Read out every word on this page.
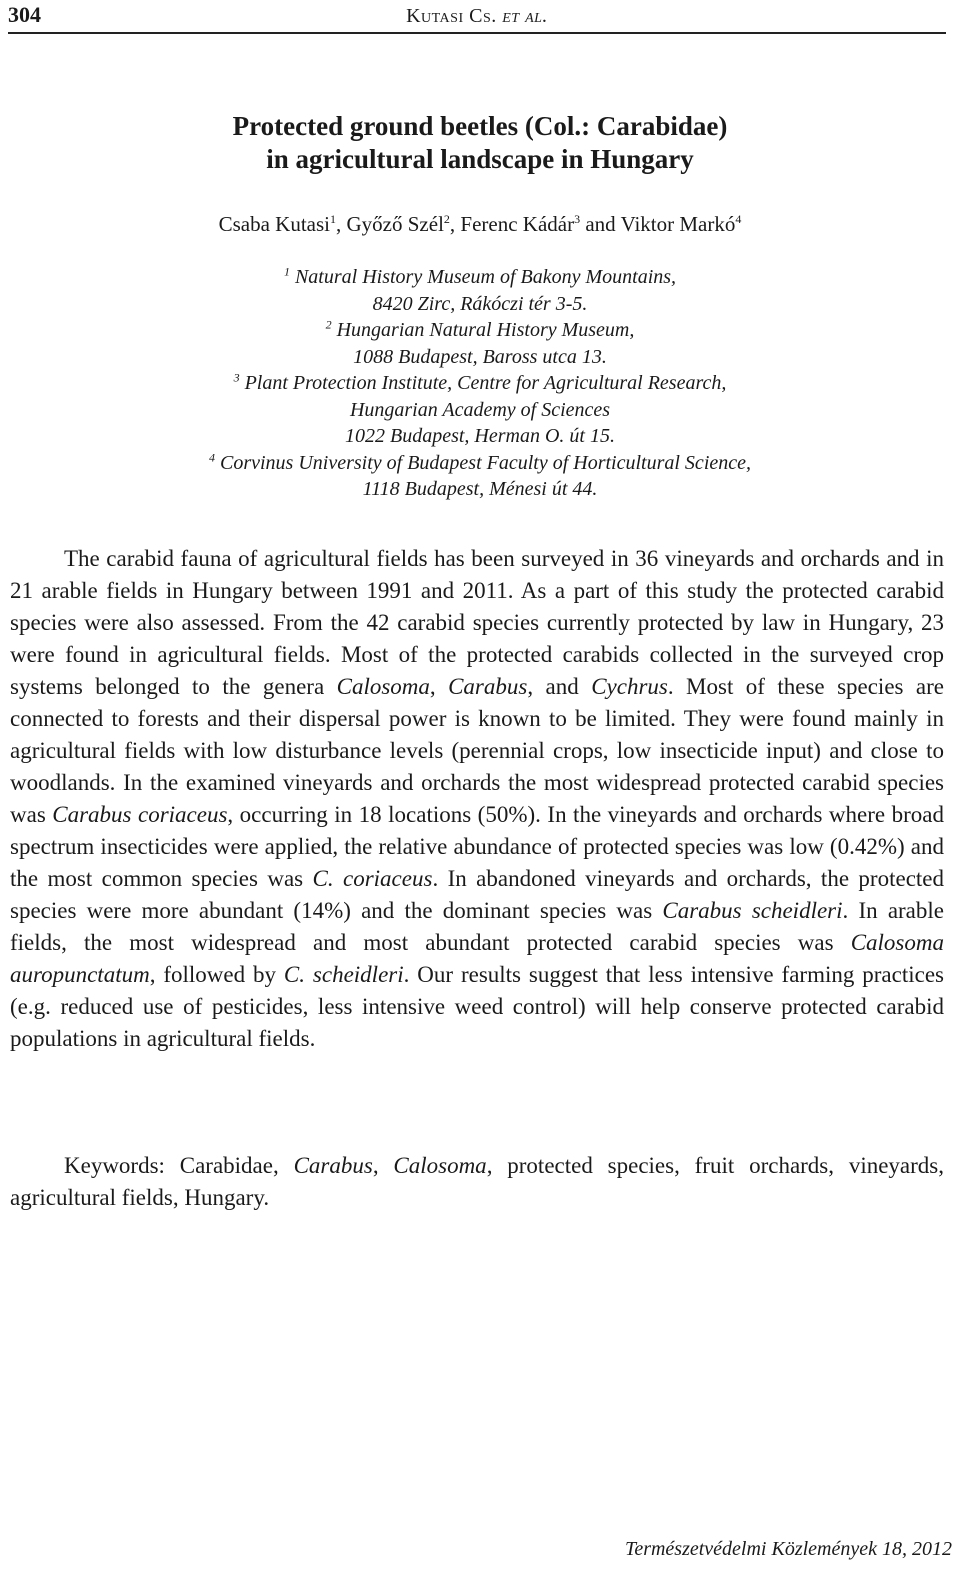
304	Kutasi Cs. et al.
Protected ground beetles (Col.: Carabidae)
in agricultural landscape in Hungary
Csaba Kutasi$^1$, Győző Szél$^2$, Ferenc Kádár$^3$ and Viktor Markó$^4$
$^1$ Natural History Museum of Bakony Mountains,
8420 Zirc, Rákóczi tér 3-5.
$^2$ Hungarian Natural History Museum,
1088 Budapest, Baross utca 13.
$^3$ Plant Protection Institute, Centre for Agricultural Research,
Hungarian Academy of Sciences
1022 Budapest, Herman O. út 15.
$^4$ Corvinus University of Budapest Faculty of Horticultural Science,
1118 Budapest, Ménesi út 44.

The carabid fauna of agricultural fields has been surveyed in 36 vineyards and orchards and in 21 arable fields in Hungary between 1991 and 2011. As a part of this study the protected carabid species were also assessed. From the 42 carabid species currently protected by law in Hungary, 23 were found in agricultural fields. Most of the protected carabids collected in the surveyed crop systems belonged to the genera Calosoma, Carabus, and Cychrus. Most of these species are connected to forests and their dispersal power is known to be limited. They were found mainly in agricultural fields with low disturbance levels (perennial crops, low insecticide input) and close to woodlands. In the examined vineyards and orchards the most widespread protected carabid species was Carabus coriaceus, occurring in 18 locations (50%). In the vineyards and orchards where broad spectrum insecticides were applied, the relative abundance of protected species was low (0.42%) and the most common species was C. coriaceus. In abandoned vineyards and orchards, the protected species were more abundant (14%) and the dominant species was Carabus scheidleri. In arable fields, the most widespread and most abundant protected carabid species was Calosoma auropunctatum, followed by C. scheidleri. Our results suggest that less intensive farming practices (e.g. reduced use of pesticides, less intensive weed control) will help conserve protected carabid populations in agricultural fields.

Keywords: Carabidae, Carabus, Calosoma, protected species, fruit orchards, vineyards, agricultural fields, Hungary.

Természetvédelmi Közlemények 18, 2012
